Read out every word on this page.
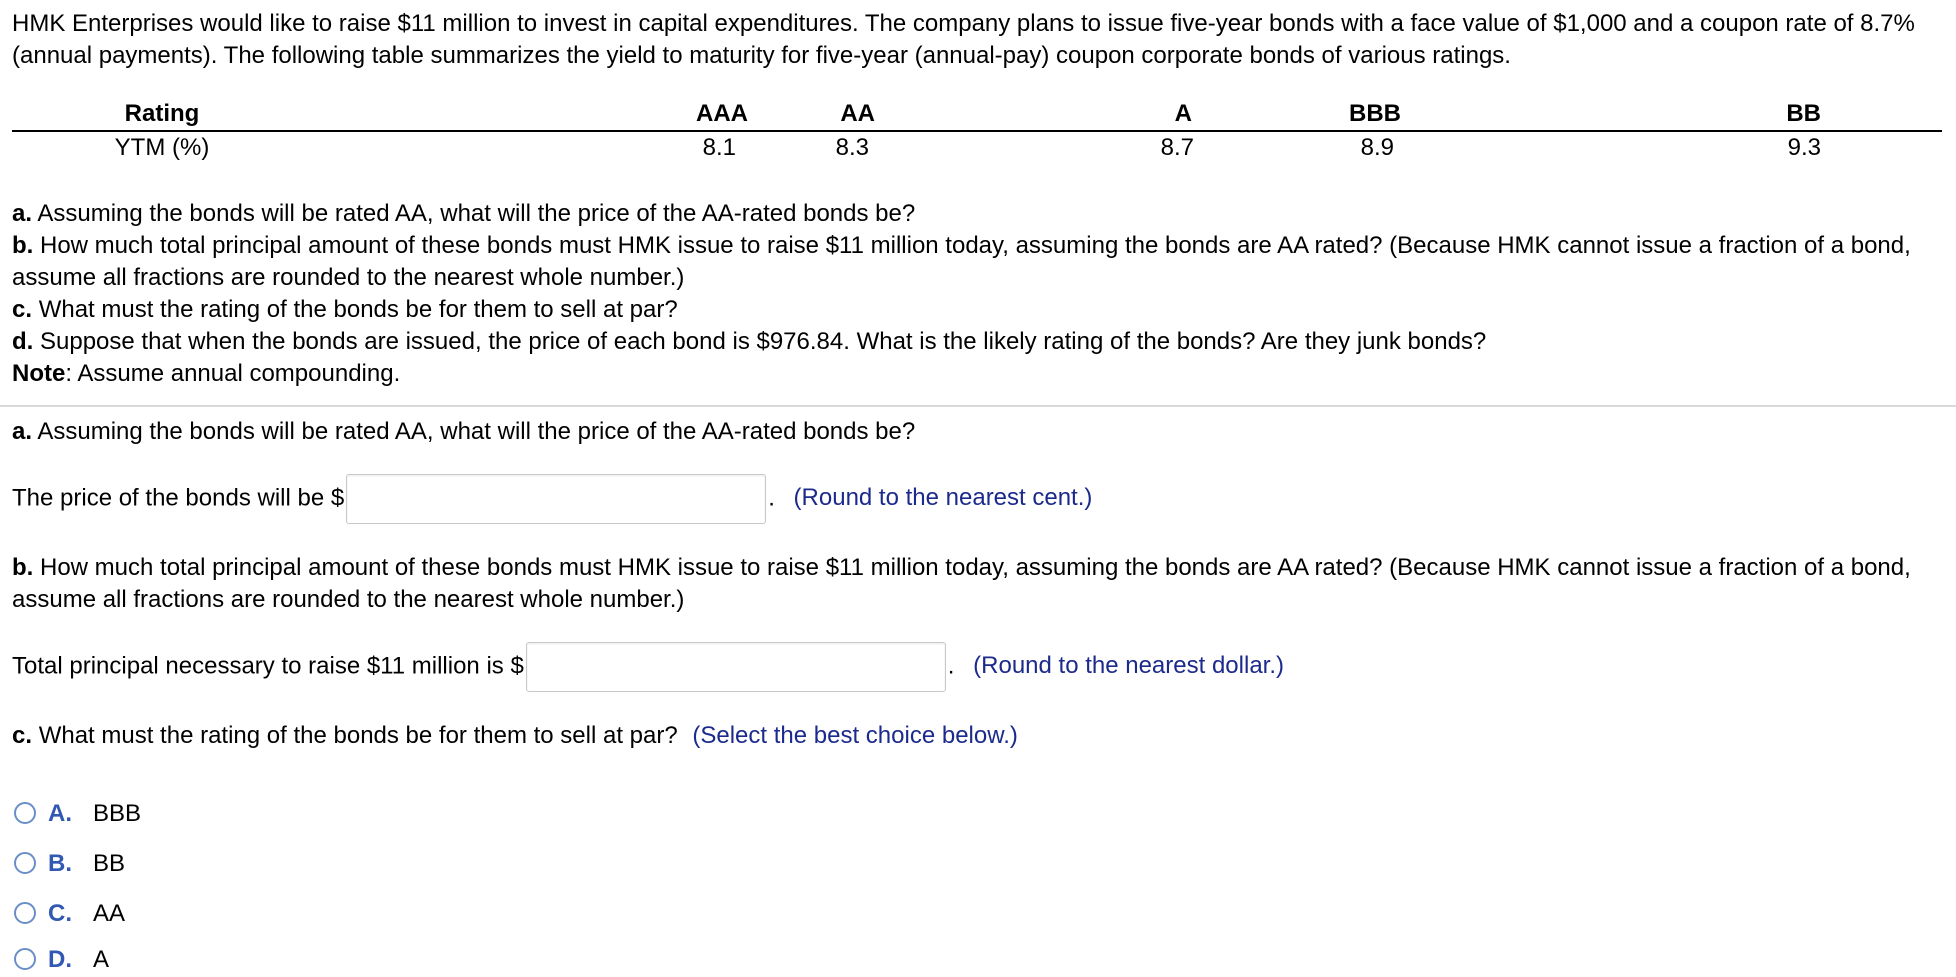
HMK Enterprises would like to raise $11 million to invest in capital expenditures. The company plans to issue five-year bonds with a face value of $1,000 and a coupon rate of 8.7% (annual payments). The following table summarizes the yield to maturity for five-year (annual-pay) coupon corporate bonds of various ratings.

Rating	AAA	AA	A	BBB	BB
YTM (%)	8.1	8.3	8.7	8.9	9.3

a. Assuming the bonds will be rated AA, what will the price of the AA-rated bonds be?

b. How much total principal amount of these bonds must HMK issue to raise $11 million today, assuming the bonds are AA rated? (Because HMK cannot issue a fraction of a bond, assume all fractions are rounded to the nearest whole number.)

c. What must the rating of the bonds be for them to sell at par?

d. Suppose that when the bonds are issued, the price of each bond is $976.84. What is the likely rating of the bonds? Are they junk bonds?

Note: Assume annual compounding.

a. Assuming the bonds will be rated AA, what will the price of the AA-rated bonds be?
The price of the bonds will be $	. (Round to the nearest cent.)

b. How much total principal amount of these bonds must HMK issue to raise $11 million today, assuming the bonds are AA rated? (Because HMK cannot issue a fraction of a bond, assume all fractions are rounded to the nearest whole number.)

Total principal necessary to raise $11 million is $	. (Round to the nearest dollar.)
c. What must the rating of the bonds be for them to sell at par? (Select the best choice below.)
A. BBB
B. BB
C. AA
D. A
